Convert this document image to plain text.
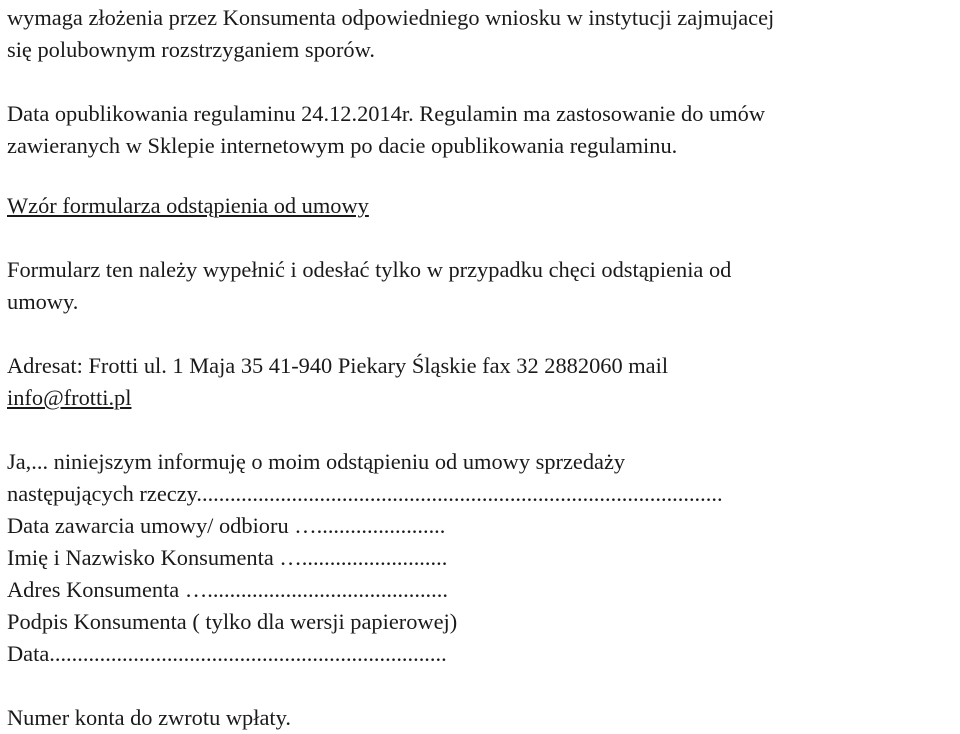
wymaga złożenia przez Konsumenta odpowiedniego wniosku w instytucji zajmujacej
się polubownym rozstrzyganiem sporów.

Data opublikowania regulaminu 24.12.2014r. Regulamin ma zastosowanie do umów
zawieranych w Sklepie internetowym po dacie opublikowania regulaminu.

Wzór formularza odstąpienia od umowy

Formularz ten należy wypełnić i odesłać tylko w przypadku chęci odstąpienia od
umowy.

Adresat: Frotti ul. 1 Maja 35 41-940 Piekary Śląskie fax 32 2882060 mail
info@frotti.pl

Ja,... niniejszym informuję o moim odstąpieniu od umowy sprzedaży
następujących rzeczy..............................................................................................
Data zawarcia umowy/ odbioru ….......................
Imię i Nazwisko Konsumenta …..........................
Adres Konsumenta …...........................................
Podpis Konsumenta ( tylko dla wersji papierowej)
Data.......................................................................

Numer konta do zwrotu wpłaty.
